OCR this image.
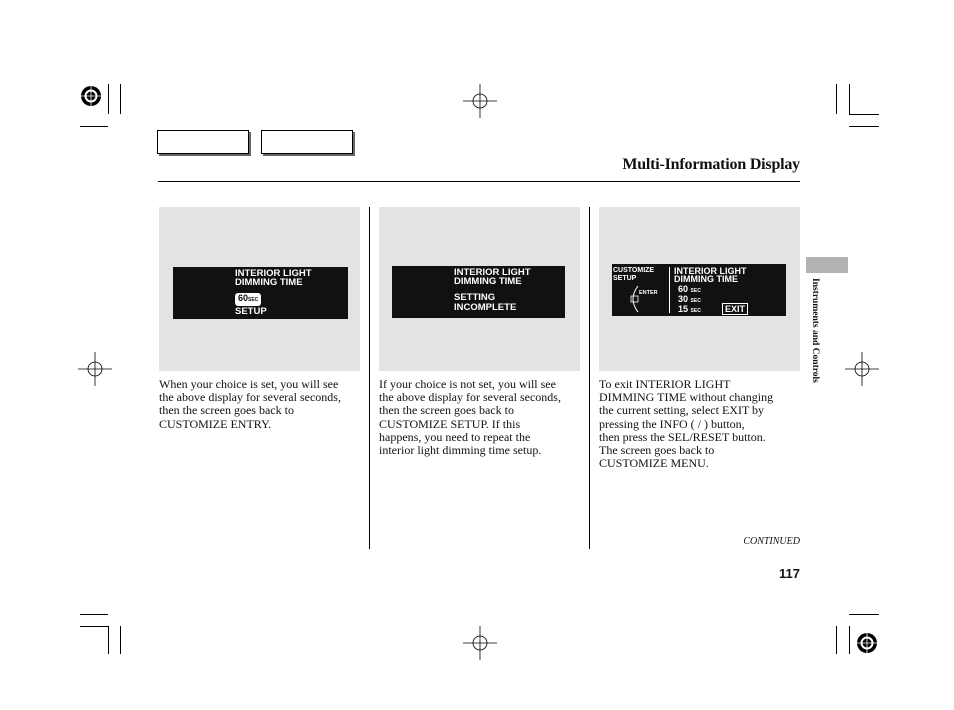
Multi-Information Display
INTERIOR LIGHT
DIMMING TIME
60SEC
SETUP
INTERIOR LIGHT
DIMMING TIME
SETTING
INCOMPLETE
CUSTOMIZE
SETUP
ENTER
INTERIOR LIGHT
DIMMING TIME
60 SEC
30 SEC
15 SEC	EXIT
When your choice is set, you will see
the above display for several seconds,
then the screen goes back to
CUSTOMIZE ENTRY.
If your choice is not set, you will see
the above display for several seconds,
then the screen goes back to
CUSTOMIZE SETUP. If this
happens, you need to repeat the
interior light dimming time setup.
To exit INTERIOR LIGHT
DIMMING TIME without changing
the current setting, select EXIT by
pressing the INFO ( / ) button,
then press the SEL/RESET button.
The screen goes back to
CUSTOMIZE MENU.
Instruments and Controls
CONTINUED
117
